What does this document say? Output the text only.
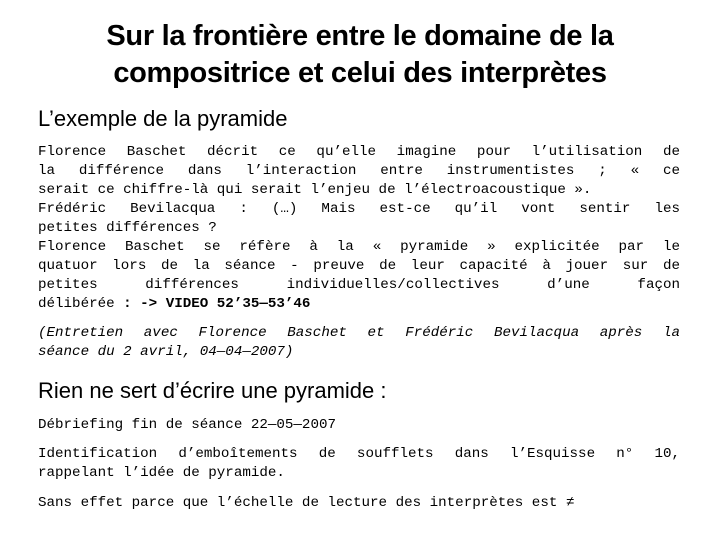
Sur la frontière entre le domaine de la
compositrice et celui des interprètes
L’exemple de la pyramide
Florence Baschet décrit ce qu’elle imagine pour l’utilisation de
la différence dans l’interaction entre instrumentistes ; « ce
serait ce chiffre-là qui serait l’enjeu de l’électroacoustique ».
Frédéric Bevilacqua : (…) Mais est-ce qu’il vont sentir les
petites différences ?
Florence Baschet se réfère à la « pyramide » explicitée par le
quatuor lors de la séance - preuve de leur capacité à jouer sur de
petites différences individuelles/collectives d’une façon
délibérée : -> VIDEO 52’35—53’46
(Entretien avec Florence Baschet et Frédéric Bevilacqua après la
séance du 2 avril, 04—04—2007)
Rien ne sert d’écrire une pyramide :
Débriefing fin de séance 22—05—2007
Identification d’emboîtements de soufflets dans l’Esquisse n° 10,
rappelant l’idée de pyramide.
Sans effet parce que l’échelle de lecture des interprètes est ≠
